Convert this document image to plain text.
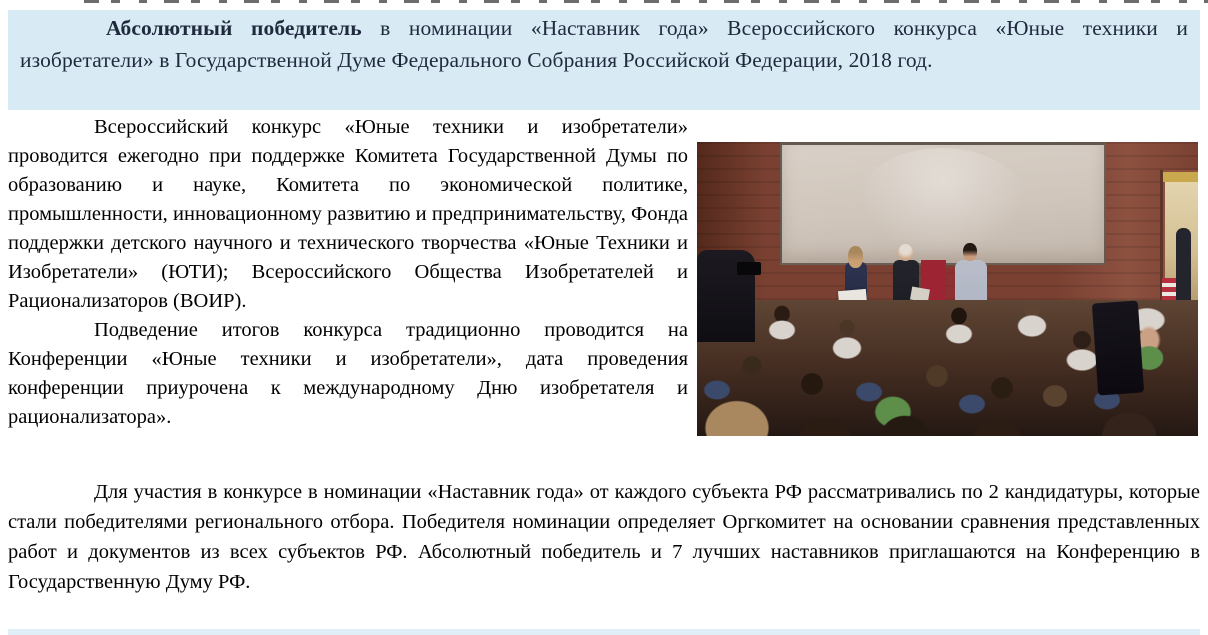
Абсолютный победитель в номинации «Наставник года» Всероссийского конкурса «Юные техники и изобретатели» в Государственной Думе Федерального Собрания Российской Федерации, 2018 год.

Всероссийский конкурс «Юные техники и изобретатели» проводится ежегодно при поддержке Комитета Государственной Думы по образованию и науке, Комитета по экономической политике, промышленности, инновационному развитию и предпринимательству, Фонда поддержки детского научного и технического творчества «Юные Техники и Изобретатели» (ЮТИ); Всероссийского Общества Изобретателей и Рационализаторов (ВОИР).

Подведение итогов конкурса традиционно проводится на Конференции «Юные техники и изобретатели», дата проведения конференции приурочена к международному Дню изобретателя и рационализатора».

Для участия в конкурсе в номинации «Наставник года» от каждого субъекта РФ рассматривались по 2 кандидатуры, которые стали победителями регионального отбора. Победителя номинации определяет Оргкомитет на основании сравнения представленных работ и документов из всех субъектов РФ. Абсолютный победитель и 7 лучших наставников приглашаются на Конференцию в Государственную Думу РФ.
